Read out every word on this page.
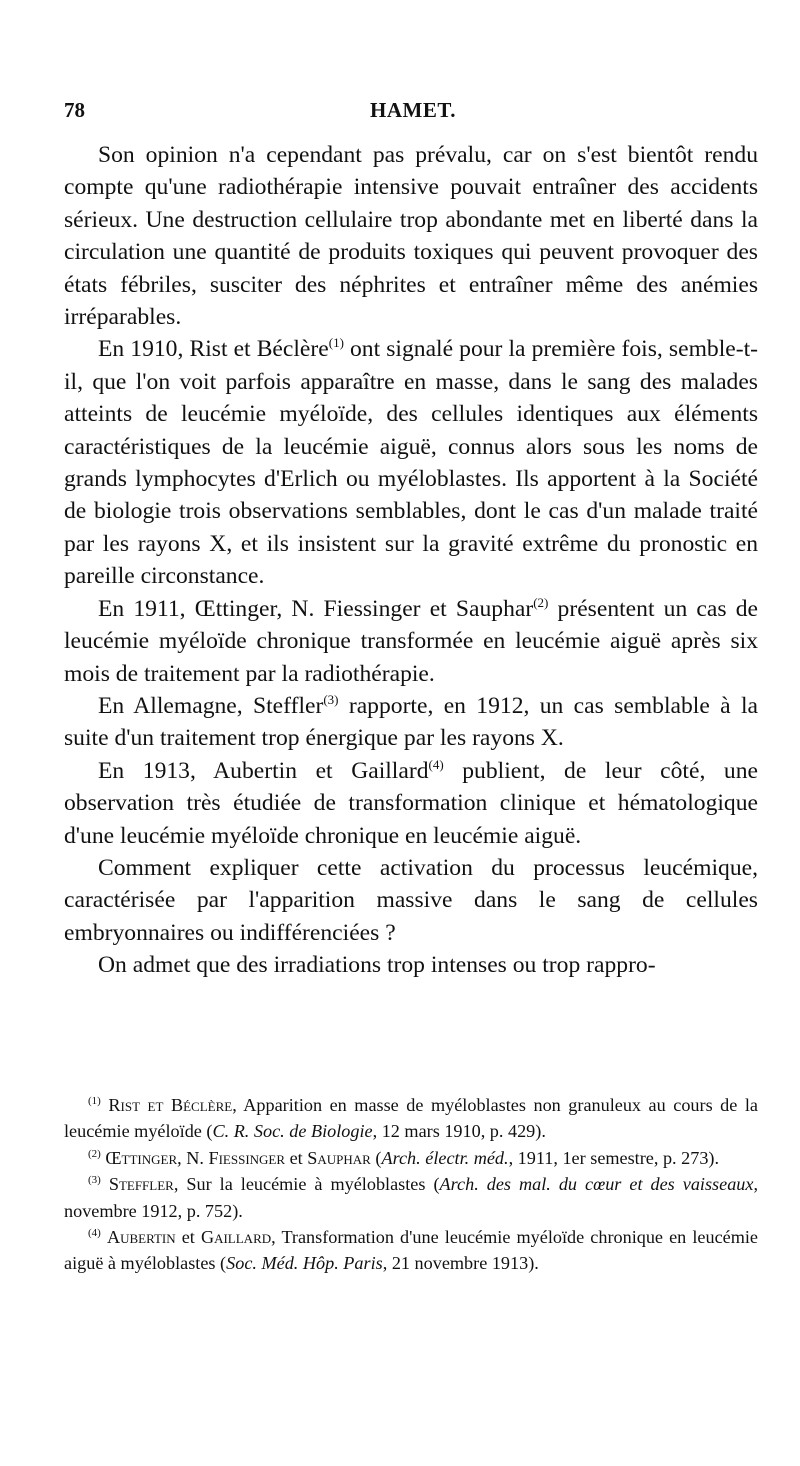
78	HAMET.

Son opinion n'a cependant pas prévalu, car on s'est bientôt rendu compte qu'une radiothérapie intensive pouvait entraîner des accidents sérieux. Une destruction cellulaire trop abondante met en liberté dans la circulation une quantité de produits toxiques qui peuvent provoquer des états fébriles, susciter des néphrites et entraîner même des anémies irréparables.

En 1910, Rist et Béclère$^{(1)}$ ont signalé pour la première fois, semble-t-il, que l'on voit parfois apparaître en masse, dans le sang des malades atteints de leucémie myéloïde, des cellules identiques aux éléments caractéristiques de la leucémie aiguë, connus alors sous les noms de grands lymphocytes d'Erlich ou myéloblastes. Ils apportent à la Société de biologie trois observations semblables, dont le cas d'un malade traité par les rayons X, et ils insistent sur la gravité extrême du pronostic en pareille circonstance.

En 1911, Œttinger, N. Fiessinger et Sauphar$^{(2)}$ présentent un cas de leucémie myéloïde chronique transformée en leucémie aiguë après six mois de traitement par la radiothérapie.

En Allemagne, Steffler$^{(3)}$ rapporte, en 1912, un cas semblable à la suite d'un traitement trop énergique par les rayons X.

En 1913, Aubertin et Gaillard$^{(4)}$ publient, de leur côté, une observation très étudiée de transformation clinique et hématologique d'une leucémie myéloïde chronique en leucémie aiguë.

Comment expliquer cette activation du processus leucémique, caractérisée par l'apparition massive dans le sang de cellules embryonnaires ou indifférenciées ?

On admet que des irradiations trop intenses ou trop rappro-

$^{(1)}$ Rist et Béclère, Apparition en masse de myéloblastes non granuleux au cours de la leucémie myéloïde (C. R. Soc. de Biologie, 12 mars 1910, p. 429).

$^{(2)}$ Œttinger, N. Fiessinger et Sauphar (Arch. électr. méd., 1911, 1er semestre, p. 273).

$^{(3)}$ Steffler, Sur la leucémie à myéloblastes (Arch. des mal. du cœur et des vaisseaux, novembre 1912, p. 752).

$^{(4)}$ Aubertin et Gaillard, Transformation d'une leucémie myéloïde chronique en leucémie aiguë à myéloblastes (Soc. Méd. Hôp. Paris, 21 novembre 1913).
